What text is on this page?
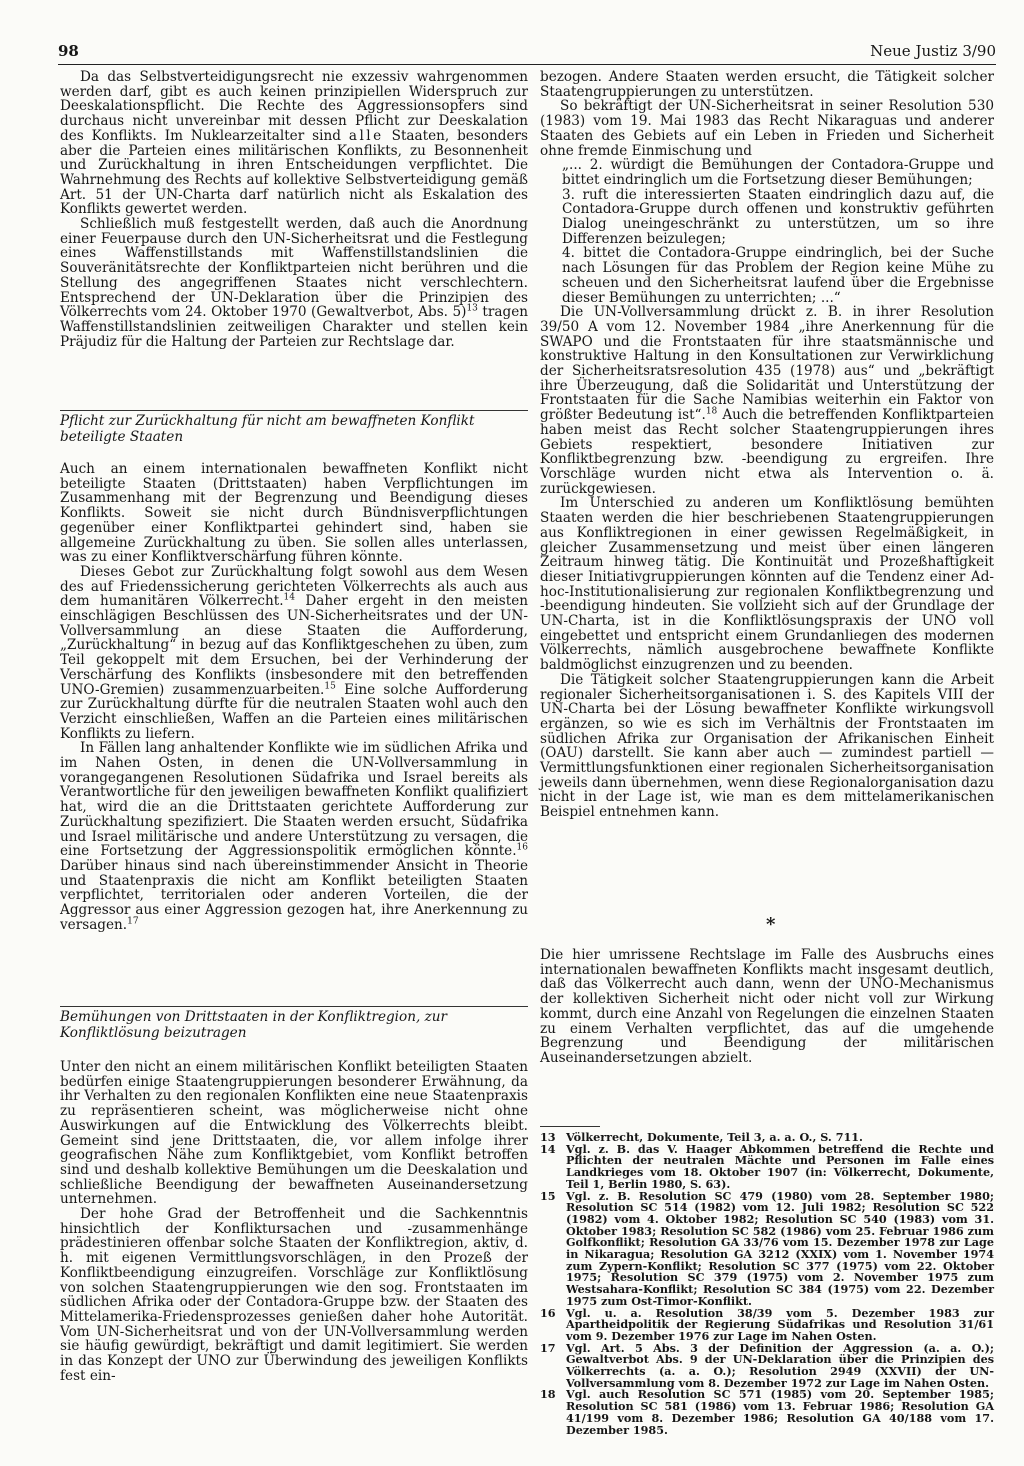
98	Neue Justiz 3/90

Da das Selbstverteidigungsrecht nie exzessiv wahrgenommen werden darf, gibt es auch keinen prinzipiellen Widerspruch zur Deeskalationspflicht. Die Rechte des Aggressionsopfers sind durchaus nicht unvereinbar mit dessen Pflicht zur Deeskalation des Konflikts. Im Nuklearzeitalter sind alle Staaten, besonders aber die Parteien eines militärischen Konflikts, zu Besonnenheit und Zurückhaltung in ihren Entscheidungen verpflichtet. Die Wahrnehmung des Rechts auf kollektive Selbstverteidigung gemäß Art. 51 der UN-Charta darf natürlich nicht als Eskalation des Konflikts gewertet werden.

Schließlich muß festgestellt werden, daß auch die Anordnung einer Feuerpause durch den UN-Sicherheitsrat und die Festlegung eines Waffenstillstands mit Waffenstillstandslinien die Souveränitätsrechte der Konfliktparteien nicht berühren und die Stellung des angegriffenen Staates nicht verschlechtern. Entsprechend der UN-Deklaration über die Prinzipien des Völkerrechts vom 24. Oktober 1970 (Gewaltverbot, Abs. 5)$^{13}$ tragen Waffenstillstandslinien zeitweiligen Charakter und stellen kein Präjudiz für die Haltung der Parteien zur Rechtslage dar.

Pflicht zur Zurückhaltung für nicht am bewaffneten Konflikt beteiligte Staaten

Auch an einem internationalen bewaffneten Konflikt nicht beteiligte Staaten (Drittstaaten) haben Verpflichtungen im Zusammenhang mit der Begrenzung und Beendigung dieses Konflikts. Soweit sie nicht durch Bündnisverpflichtungen gegenüber einer Konfliktpartei gehindert sind, haben sie allgemeine Zurückhaltung zu üben. Sie sollen alles unterlassen, was zu einer Konfliktverschärfung führen könnte.

Dieses Gebot zur Zurückhaltung folgt sowohl aus dem Wesen des auf Friedenssicherung gerichteten Völkerrechts als auch aus dem humanitären Völkerrecht.$^{14}$ Daher ergeht in den meisten einschlägigen Beschlüssen des UN-Sicherheitsrates und der UN-Vollversammlung an diese Staaten die Aufforderung, „Zurückhaltung“ in bezug auf das Konfliktgeschehen zu üben, zum Teil gekoppelt mit dem Ersuchen, bei der Verhinderung der Verschärfung des Konflikts (insbesondere mit den betreffenden UNO-Gremien) zusammenzuarbeiten.$^{15}$ Eine solche Aufforderung zur Zurückhaltung dürfte für die neutralen Staaten wohl auch den Verzicht einschließen, Waffen an die Parteien eines militärischen Konflikts zu liefern.

In Fällen lang anhaltender Konflikte wie im südlichen Afrika und im Nahen Osten, in denen die UN-Vollversammlung in vorangegangenen Resolutionen Südafrika und Israel bereits als Verantwortliche für den jeweiligen bewaffneten Konflikt qualifiziert hat, wird die an die Drittstaaten gerichtete Aufforderung zur Zurückhaltung spezifiziert. Die Staaten werden ersucht, Südafrika und Israel militärische und andere Unterstützung zu versagen, die eine Fortsetzung der Aggressionspolitik ermöglichen könnte.$^{16}$ Darüber hinaus sind nach übereinstimmender Ansicht in Theorie und Staatenpraxis die nicht am Konflikt beteiligten Staaten verpflichtet, territorialen oder anderen Vorteilen, die der Aggressor aus einer Aggression gezogen hat, ihre Anerkennung zu versagen.$^{17}$

Bemühungen von Drittstaaten in der Konfliktregion, zur Konfliktlösung beizutragen

Unter den nicht an einem militärischen Konflikt beteiligten Staaten bedürfen einige Staatengruppierungen besonderer Erwähnung, da ihr Verhalten zu den regionalen Konflikten eine neue Staatenpraxis zu repräsentieren scheint, was möglicherweise nicht ohne Auswirkungen auf die Entwicklung des Völkerrechts bleibt. Gemeint sind jene Drittstaaten, die, vor allem infolge ihrer geografischen Nähe zum Konfliktgebiet, vom Konflikt betroffen sind und deshalb kollektive Bemühungen um die Deeskalation und schließliche Beendigung der bewaffneten Auseinandersetzung unternehmen.

Der hohe Grad der Betroffenheit und die Sachkenntnis hinsichtlich der Konfliktursachen und -zusammenhänge prädestinieren offenbar solche Staaten der Konfliktregion, aktiv, d. h. mit eigenen Vermittlungsvorschlägen, in den Prozeß der Konfliktbeendigung einzugreifen. Vorschläge zur Konfliktlösung von solchen Staatengruppierungen wie den sog. Frontstaaten im südlichen Afrika oder der Contadora-Gruppe bzw. der Staaten des Mittelamerika-Friedensprozesses genießen daher hohe Autorität. Vom UN-Sicherheitsrat und von der UN-Vollversammlung werden sie häufig gewürdigt, bekräftigt und damit legitimiert. Sie werden in das Konzept der UNO zur Überwindung des jeweiligen Konflikts fest ein-

bezogen. Andere Staaten werden ersucht, die Tätigkeit solcher Staatengruppierungen zu unterstützen.

So bekräftigt der UN-Sicherheitsrat in seiner Resolution 530 (1983) vom 19. Mai 1983 das Recht Nikaraguas und anderer Staaten des Gebiets auf ein Leben in Frieden und Sicherheit ohne fremde Einmischung und

„... 2. würdigt die Bemühungen der Contadora-Gruppe und bittet eindringlich um die Fortsetzung dieser Bemühungen;

3. ruft die interessierten Staaten eindringlich dazu auf, die Contadora-Gruppe durch offenen und konstruktiv geführten Dialog uneingeschränkt zu unterstützen, um so ihre Differenzen beizulegen;

4. bittet die Contadora-Gruppe eindringlich, bei der Suche nach Lösungen für das Problem der Region keine Mühe zu scheuen und den Sicherheitsrat laufend über die Ergebnisse dieser Bemühungen zu unterrichten; ...“

Die UN-Vollversammlung drückt z. B. in ihrer Resolution 39/50 A vom 12. November 1984 „ihre Anerkennung für die SWAPO und die Frontstaaten für ihre staatsmännische und konstruktive Haltung in den Konsultationen zur Verwirklichung der Sicherheitsratsresolution 435 (1978) aus“ und „bekräftigt ihre Überzeugung, daß die Solidarität und Unterstützung der Frontstaaten für die Sache Namibias weiterhin ein Faktor von größter Bedeutung ist“.$^{18}$ Auch die betreffenden Konfliktparteien haben meist das Recht solcher Staatengruppierungen ihres Gebiets respektiert, besondere Initiativen zur Konfliktbegrenzung bzw. -beendigung zu ergreifen. Ihre Vorschläge wurden nicht etwa als Intervention o. ä. zurückgewiesen.

Im Unterschied zu anderen um Konfliktlösung bemühten Staaten werden die hier beschriebenen Staatengruppierungen aus Konfliktregionen in einer gewissen Regelmäßigkeit, in gleicher Zusammensetzung und meist über einen längeren Zeitraum hinweg tätig. Die Kontinuität und Prozeßhaftigkeit dieser Initiativgruppierungen könnten auf die Tendenz einer Ad-hoc-Institutionalisierung zur regionalen Konfliktbegrenzung und -beendigung hindeuten. Sie vollzieht sich auf der Grundlage der UN-Charta, ist in die Konfliktlösungspraxis der UNO voll eingebettet und entspricht einem Grundanliegen des modernen Völkerrechts, nämlich ausgebrochene bewaffnete Konflikte baldmöglichst einzugrenzen und zu beenden.

Die Tätigkeit solcher Staatengruppierungen kann die Arbeit regionaler Sicherheitsorganisationen i. S. des Kapitels VIII der UN-Charta bei der Lösung bewaffneter Konflikte wirkungsvoll ergänzen, so wie es sich im Verhältnis der Frontstaaten im südlichen Afrika zur Organisation der Afrikanischen Einheit (OAU) darstellt. Sie kann aber auch — zumindest partiell — Vermittlungsfunktionen einer regionalen Sicherheitsorganisation jeweils dann übernehmen, wenn diese Regionalorganisation dazu nicht in der Lage ist, wie man es dem mittelamerikanischen Beispiel entnehmen kann.

*

Die hier umrissene Rechtslage im Falle des Ausbruchs eines internationalen bewaffneten Konflikts macht insgesamt deutlich, daß das Völkerrecht auch dann, wenn der UNO-Mechanismus der kollektiven Sicherheit nicht oder nicht voll zur Wirkung kommt, durch eine Anzahl von Regelungen die einzelnen Staaten zu einem Verhalten verpflichtet, das auf die umgehende Begrenzung und Beendigung der militärischen Auseinandersetzungen abzielt.

13 Völkerrecht, Dokumente, Teil 3, a. a. O., S. 711.
14 Vgl. z. B. das V. Haager Abkommen betreffend die Rechte und Pflichten der neutralen Mächte und Personen im Falle eines Landkrieges vom 18. Oktober 1907 (in: Völkerrecht, Dokumente, Teil 1, Berlin 1980, S. 63).
15 Vgl. z. B. Resolution SC 479 (1980) vom 28. September 1980; Resolution SC 514 (1982) vom 12. Juli 1982; Resolution SC 522 (1982) vom 4. Oktober 1982; Resolution SC 540 (1983) vom 31. Oktober 1983; Resolution SC 582 (1986) vom 25. Februar 1986 zum Golfkonflikt; Resolution GA 33/76 vom 15. Dezember 1978 zur Lage in Nikaragua; Resolution GA 3212 (XXIX) vom 1. November 1974 zum Zypern-Konflikt; Resolution SC 377 (1975) vom 22. Oktober 1975; Resolution SC 379 (1975) vom 2. November 1975 zum Westsahara-Konflikt; Resolution SC 384 (1975) vom 22. Dezember 1975 zum Ost-Timor-Konflikt.
16 Vgl. u. a. Resolution 38/39 vom 5. Dezember 1983 zur Apartheidpolitik der Regierung Südafrikas und Resolution 31/61 vom 9. Dezember 1976 zur Lage im Nahen Osten.
17 Vgl. Art. 5 Abs. 3 der Definition der Aggression (a. a. O.); Gewaltverbot Abs. 9 der UN-Deklaration über die Prinzipien des Völkerrechts (a. a. O.); Resolution 2949 (XXVII) der UN-Vollversammlung vom 8. Dezember 1972 zur Lage im Nahen Osten.
18 Vgl. auch Resolution SC 571 (1985) vom 20. September 1985; Resolution SC 581 (1986) vom 13. Februar 1986; Resolution GA 41/199 vom 8. Dezember 1986; Resolution GA 40/188 vom 17. Dezember 1985.
